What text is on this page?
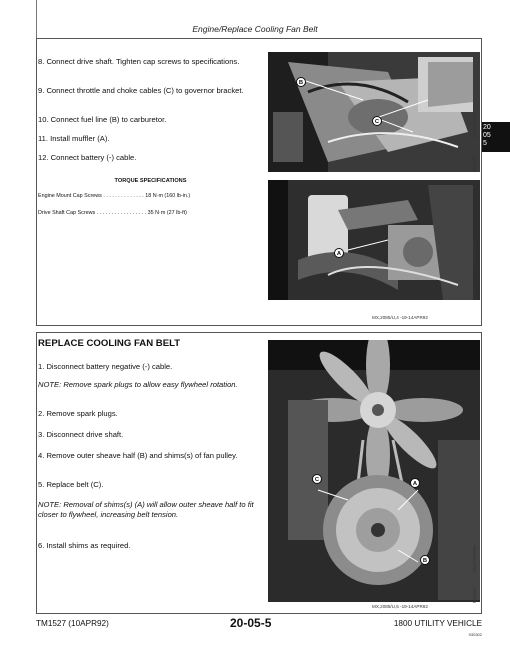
Engine/Replace Cooling Fan Belt
20
05
5
8. Connect drive shaft. Tighten cap screws to specifications.
9. Connect throttle and choke cables (C) to governor bracket.
10. Connect fuel line (B) to carburetor.
11. Install muffler (A).
12. Connect battery (-) cable.
TORQUE SPECIFICATIONS
Engine Mount Cap Screws . . . . . . . . . . . . . . 18 N·m (160 lb-in.)
Drive Shaft Cap Screws . . . . . . . . . . . . . . . . . 35 N·m (27 lb-ft)
B
C	-UN-27MAR92
M45591
A	-UN-27MAR92
M45584
MX,2085/U,4 -19-14APR92
REPLACE COOLING FAN BELT
1. Disconnect battery negative (-) cable.
NOTE: Remove spark plugs to allow easy flywheel rotation.
2. Remove spark plugs.
3. Disconnect drive shaft.
4. Remove outer sheave half (B) and shims(s) of fan pulley.
5. Replace belt (C).
NOTE: Removal of shims(s) (A) will allow outer sheave half to fit closer to flywheel, increasing belt tension.
6. Install shims as required.
C
A
B	-UN-27MAR92
M45123
MX,2085/U,5 -19-14APR92
TM1527 (10APR92)	20-05-5	1800 UTILITY VEHICLE
930302
